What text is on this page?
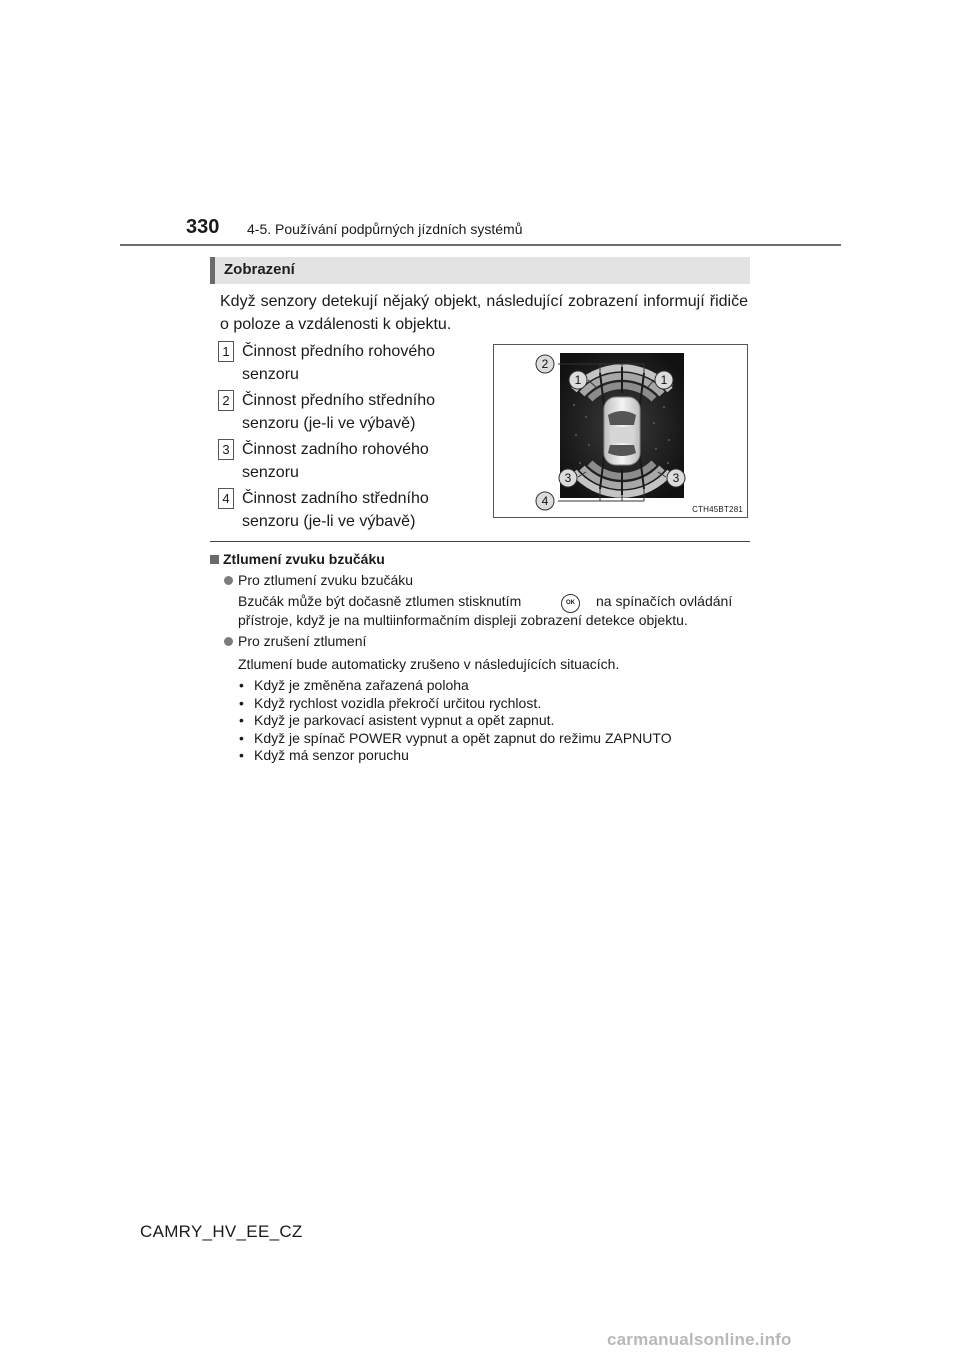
330 4-5. Používání podpůrných jízdních systémů
Zobrazení
Když senzory detekují nějaký objekt, následující zobrazení informují řidiče o poloze a vzdálenosti k objektu.
1 Činnost předního rohového senzoru
2 Činnost předního středního senzoru (je-li ve výbavě)
3 Činnost zadního rohového senzoru
4 Činnost zadního středního senzoru (je-li ve výbavě)
2
1	1
3	3
4
CTH45BT281
Ztlumení zvuku bzučáku
Pro ztlumení zvuku bzučáku
Bzučák může být dočasně ztlumen stisknutím	OK	na spínačích ovládání
přístroje, když je na multiinformačním displeji zobrazení detekce objektu.
Pro zrušení ztlumení
Ztlumení bude automaticky zrušeno v následujících situacích.
• Když je změněna zařazená poloha
• Když rychlost vozidla překročí určitou rychlost.
• Když je parkovací asistent vypnut a opět zapnut.
• Když je spínač POWER vypnut a opět zapnut do režimu ZAPNUTO
• Když má senzor poruchu
CAMRY_HV_EE_CZ
carmanualsonline.info
